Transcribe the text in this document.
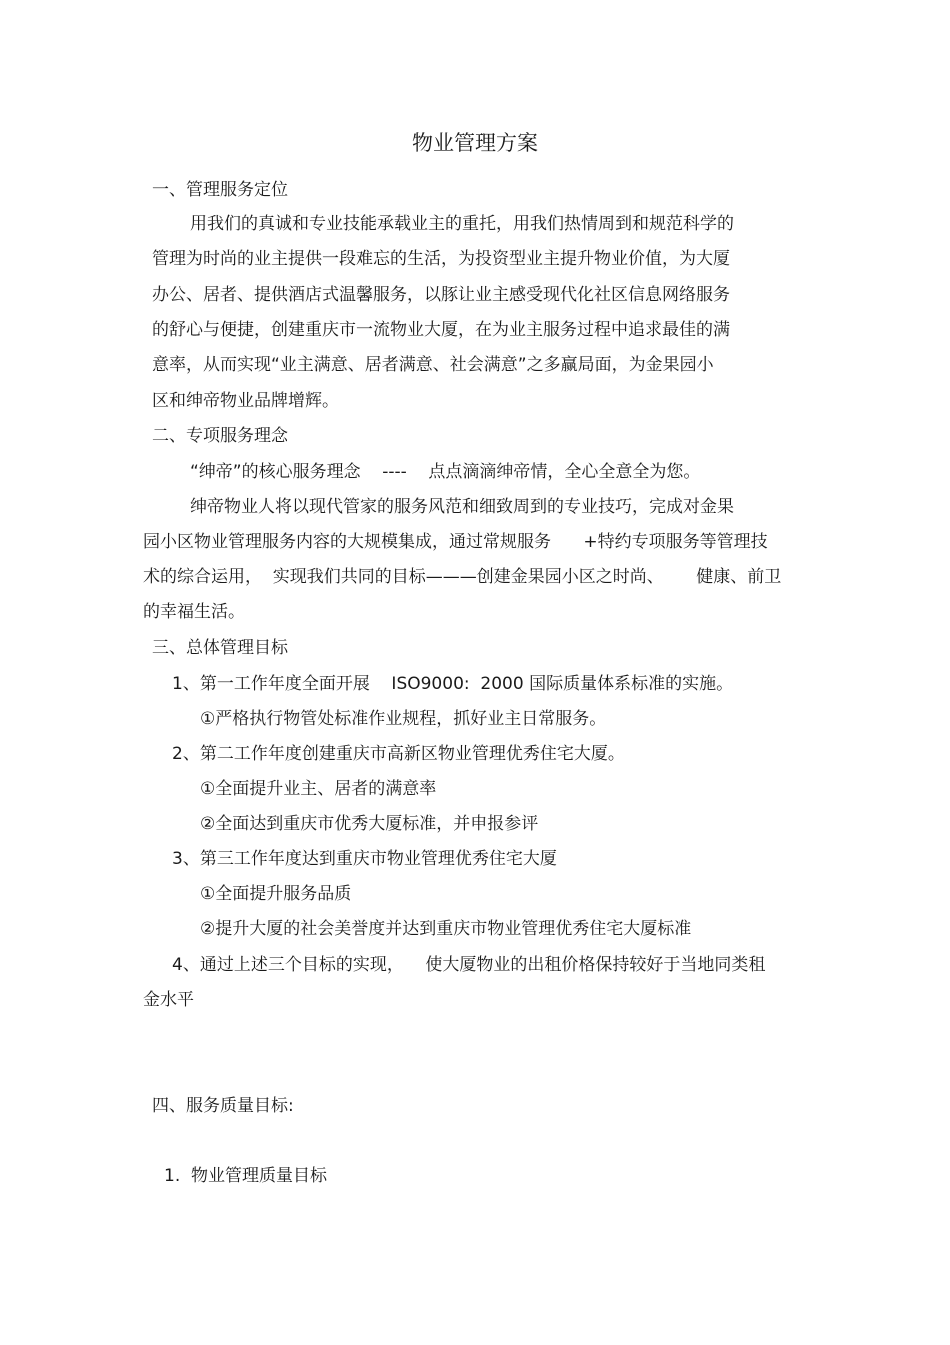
物业管理方案
一、管理服务定位
用我们的真诚和专业技能承载业主的重托，用我们热情周到和规范科学的
管理为时尚的业主提供一段难忘的生活，为投资型业主提升物业价值，为大厦
办公、居者、提供酒店式温馨服务，以豚让业主感受现代化社区信息网络服务
的舒心与便捷，创建重庆市一流物业大厦，在为业主服务过程中追求最佳的满
意率，从而实现“业主满意、居者满意、社会满意”之多赢局面，为金果园小
区和绅帝物业品牌增辉。
二、专项服务理念
“绅帝”的核心服务理念    ----    点点滴滴绅帝情，全心全意全为您。
绅帝物业人将以现代管家的服务风范和细致周到的专业技巧，完成对金果
园小区物业管理服务内容的大规模集成，通过常规服务      +特约专项服务等管理技
术的综合运用，  实现我们共同的目标———创建金果园小区之时尚、      健康、前卫
的幸福生活。
三、总体管理目标
1、第一工作年度全面开展    ISO9000:  2000 国际质量体系标准的实施。
①严格执行物管处标准作业规程，抓好业主日常服务。
2、第二工作年度创建重庆市高新区物业管理优秀住宅大厦。
①全面提升业主、居者的满意率
②全面达到重庆市优秀大厦标准，并申报参评
3、第三工作年度达到重庆市物业管理优秀住宅大厦
①全面提升服务品质
②提升大厦的社会美誉度并达到重庆市物业管理优秀住宅大厦标准
4、通过上述三个目标的实现，    使大厦物业的出租价格保持较好于当地同类租
金水平
四、服务质量目标:
1.  物业管理质量目标
